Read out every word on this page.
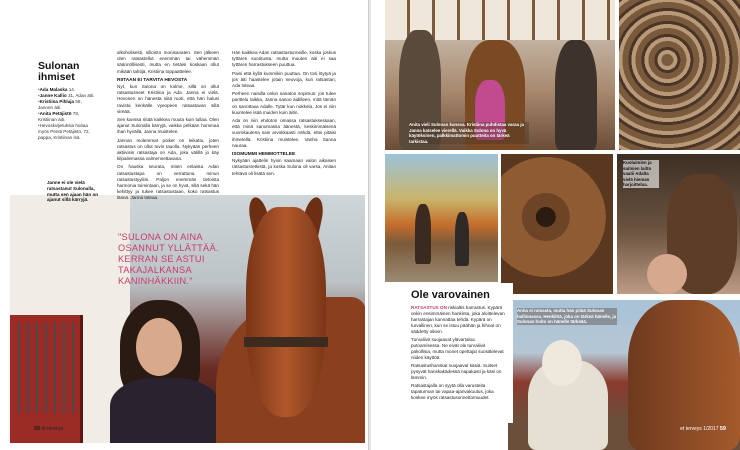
"SULONA ON AINA OSANNUT YLLÄTTÄÄ. KERRAN SE ASTUI TAKAJALKANSA KANINHÄKKIIN."
Sulonan
ihmiset
•Ada Malaska 14.
•Janne Kallio 31, Adan äiti.
•Kristiina Pihlaja 58, Jannen äiti.
•Anita Petäjistö 78, Kristiinan äiti.
•Hevoskuljetuksia hoitaa myös Pentti Petäjistö, 72, pappa, Kristiinan isä.
Janne ei ole vielä ratsastanut Sulonalla, mutta sen ajaan hän on ajanut sillä kärryjä.

alkoholisesti, sillointo monisanaten. Sen jälkeen olen ratsastellut enemmän tai vähemmän säännöllisesti, mutta en tietäisi koskaan ollut mikään tahtijä, Kristiina toppaattelee.

RIITAAN EI TARVITA HEVOSTA

Nyt, kun Sulona on kolme, sillä on ollut ratsastusneet Kristiina ja Ada. Janna ei vielä. Hevonen on hänestä siitä ruoti, että hän halusi ravista kenkälle vyeopeen ratsastavan sillä vireää.

Sen kanssa riitää kaikkea muuta kuin tullaa. Olen ajanut Sulonalla kärryjä, vaikka pelkään hommaa ihan hyvällä, Janna muistelee.

Jannan molemmat poiket on leikattu, joten ratsastus on ollut tovin tauolla. Nykyään perheen aktiivisin ratsastaja on Ada, joka välillä jo käy kilpailemassa valmennettavana.

On hauska seurata, miten erilaista Adan ratsastustapa on verrattuna minun ratsastustyyliini. Paljon enemmän tietoista harmonia toimintaan, ja se on hyvä, sillä sekä hän kehittyy ja tukee ratsastustaan, koko ratsastus läsnä. Janna toteaa.

Hän kaikkea Adan ratsastustunneille, koska joskus tyttären suoritusta, mutta muuten äiti ei saa tyttären harrastukseen puuttua.

Paini että kyllä kummikin puuttua. On tosi löytyä ja jos äiti haastelee jotain neuvoja, kun ratsastan, Ada toteaa.

Perheen naisilla onkin sanaton sopimus: jos tulee parittelu taikka, Janna sanoo äidilleen, mitä tämän on sanottava Adalle. Tytär kun nokkela. Jos ei niin kuuntelee isää muiden kuin äitin.

Ada on niin ehdoton omassa ratsastuksessaan, että minä sanomassa äänestä, keskimmäisenä vuorokautena sain arvokkaasti nähdä, ettei pitäisi ihmetellä. Kristiina muistelee. Vanha Sanna nauraa.

ISOMUMMI HEMMOTTELEE

Nykyään ajattelin hyvin saamaan valon aikaisen ratsastusretkistä, ja koska Sulona oli varsa, Anitan tehtävä oli lisätä sen.

58 et terveys
Anita vieli Sulonan kanssa. Kristiina puhdistaa varaa ja Janna katselee vierellä. Vaikka Sulona on hyvä käytöksinen, palkkimattomin puutteita on tärkeä tarkistaa.
Kuolaimien ja suitsien laitto vaatii Adalta vielä hieman harjoittelua.
Anita ei ratsasta, mutta hän pitää Sulonan hallinnassa. Henkilöä, joka on tärkeä hänelle, ja Sulonan hoito on hänelle tärkeää.
Ole varovainen

RATSASTUS ON riskialtis harrastus. Kypärä onkin ensimmäinen hankinta, joka aloittelevan harrastajan kannattaa tehdä. Kypärä on turvallinen, kun se istuu päähän ja hihnat on säädetty oikein.

Turvaliivit suojaavat ylävartaloa putoamisessa. Ne eivät ole turvaliivit pakollisia, mutta monet opettajat suosittelevat niiden käyttöä.

Ratsastushanskat suojaavat käsiä. Suitset pysyvät hanskakädessä napakasti ja käsi on lämmin.

Ratsastajalla on syytä olla varusteita tapaturman tai vapaa-ajanvakuutus, joka koskee myös ratsastusonnettomuudet.

et terveys 1/2017 59
